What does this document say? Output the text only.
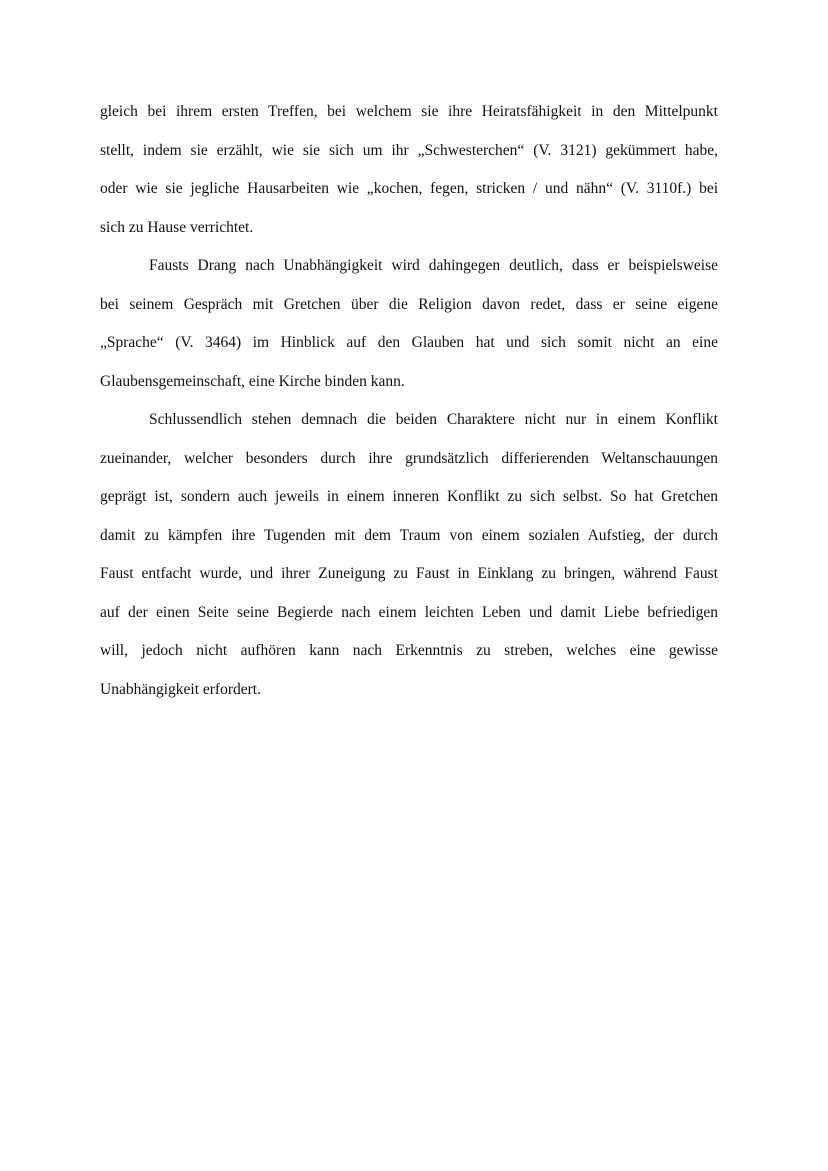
gleich bei ihrem ersten Treffen, bei welchem sie ihre Heiratsfähigkeit in den Mittelpunkt
stellt, indem sie erzählt, wie sie sich um ihr „Schwesterchen“ (V. 3121) gekümmert habe,
oder wie sie jegliche Hausarbeiten wie „kochen, fegen, stricken / und nähn“ (V. 3110f.) bei
sich zu Hause verrichtet.
Fausts Drang nach Unabhängigkeit wird dahingegen deutlich, dass er beispielsweise
bei seinem Gespräch mit Gretchen über die Religion davon redet, dass er seine eigene
„Sprache“ (V. 3464) im Hinblick auf den Glauben hat und sich somit nicht an eine
Glaubensgemeinschaft, eine Kirche binden kann.
Schlussendlich stehen demnach die beiden Charaktere nicht nur in einem Konflikt
zueinander, welcher besonders durch ihre grundsätzlich differierenden Weltanschauungen
geprägt ist, sondern auch jeweils in einem inneren Konflikt zu sich selbst. So hat Gretchen
damit zu kämpfen ihre Tugenden mit dem Traum von einem sozialen Aufstieg, der durch
Faust entfacht wurde, und ihrer Zuneigung zu Faust in Einklang zu bringen, während Faust
auf der einen Seite seine Begierde nach einem leichten Leben und damit Liebe befriedigen
will, jedoch nicht aufhören kann nach Erkenntnis zu streben, welches eine gewisse
Unabhängigkeit erfordert.
